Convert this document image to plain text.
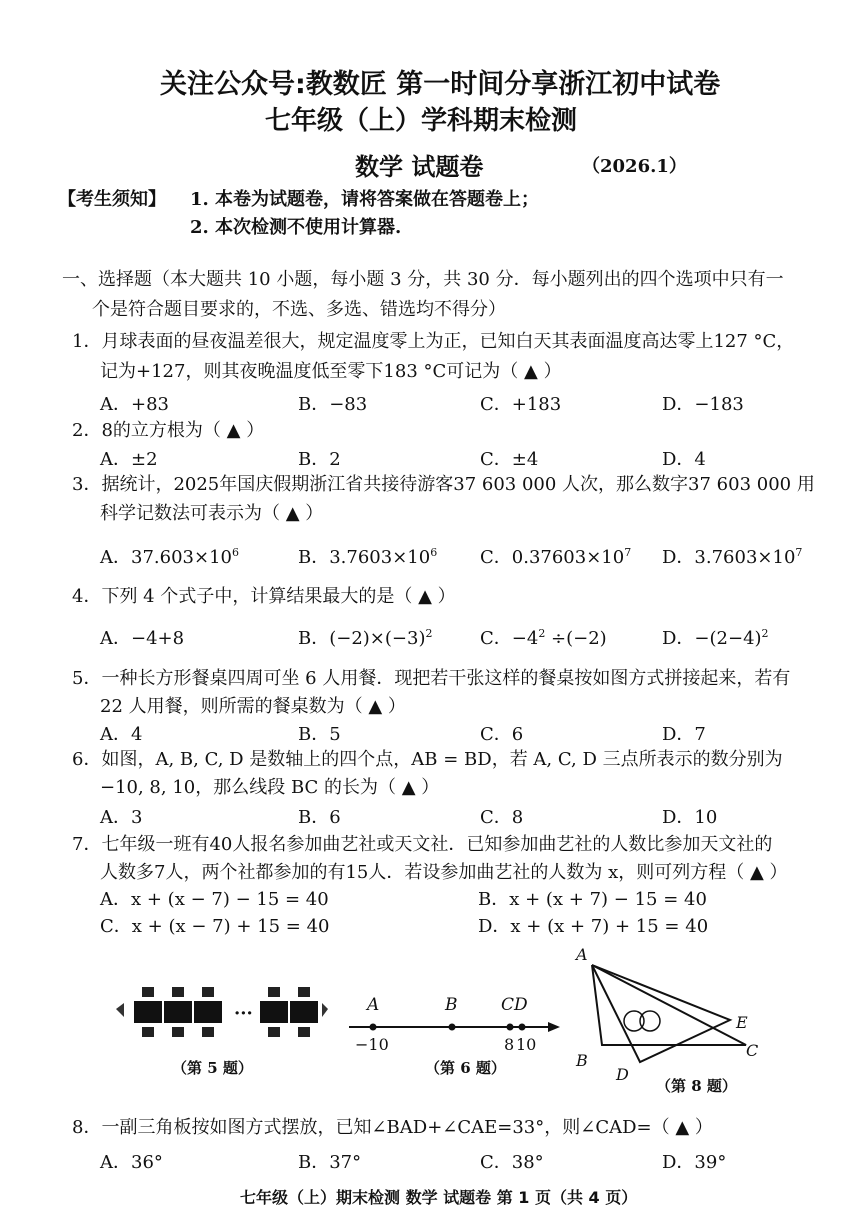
关注公众号:教数匠 第一时间分享浙江初中试卷
七年级（上）学科期末检测
数学 试题卷	（2026.1）
【考生须知】 1. 本卷为试题卷，请将答案做在答题卷上；
2. 本次检测不使用计算器.
一、选择题（本大题共 10 小题，每小题 3 分，共 30 分．每小题列出的四个选项中只有一
个是符合题目要求的，不选、多选、错选均不得分）
1．月球表面的昼夜温差很大，规定温度零上为正，已知白天其表面温度高达零上127 °C，
记为+127，则其夜晚温度低至零下183 °C可记为（ ▲ ）
A．+83	B．−83	C．+183	D．−183
2．8的立方根为（ ▲ ）
A．±2	B．2	C．±4	D．4
3．据统计，2025年国庆假期浙江省共接待游客37 603 000 人次，那么数字37 603 000 用
科学记数法可表示为（ ▲ ）
A．$37.603\times 10^6$	B．$3.7603\times 10^6$ C．$0.37603\times 10^7$ D．$3.7603\times 10^7$
4．下列 4 个式子中，计算结果最大的是（ ▲ ）
A．−4+8	B．$(-2)\times(-3)^2$	C．$-4^2 \div(-2)$	D．$-(2-4)^2$
5．一种长方形餐桌四周可坐 6 人用餐．现把若干张这样的餐桌按如图方式拼接起来，若有
22 人用餐，则所需的餐桌数为（ ▲ ）
A．4	B．5	C．6	D．7
6．如图，A, B, C, D 是数轴上的四个点，AB = BD，若 A, C, D 三点所表示的数分别为
−10, 8, 10，那么线段 BC 的长为（ ▲ ）
A．3	B．6	C．8	D．10
7．七年级一班有40人报名参加曲艺社或天文社．已知参加曲艺社的人数比参加天文社的
人数多7人，两个社都参加的有15人．若设参加曲艺社的人数为 x，则可列方程（ ▲ ）
A．x + (x − 7) − 15 = 40	B．x + (x + 7) − 15 = 40
C．x + (x − 7) + 15 = 40	D．x + (x + 7) + 15 = 40
···
（第 5 题）
A	B	CD
−10	8 10
（第 6 题）
A
B
C
D
E
（第 8 题）
8．一副三角板按如图方式摆放，已知∠BAD+∠CAE=33°，则∠CAD=（ ▲ ）
A．36°	B．37°	C．38°	D．39°
七年级（上）期末检测 数学 试题卷 第 1 页（共 4 页）
